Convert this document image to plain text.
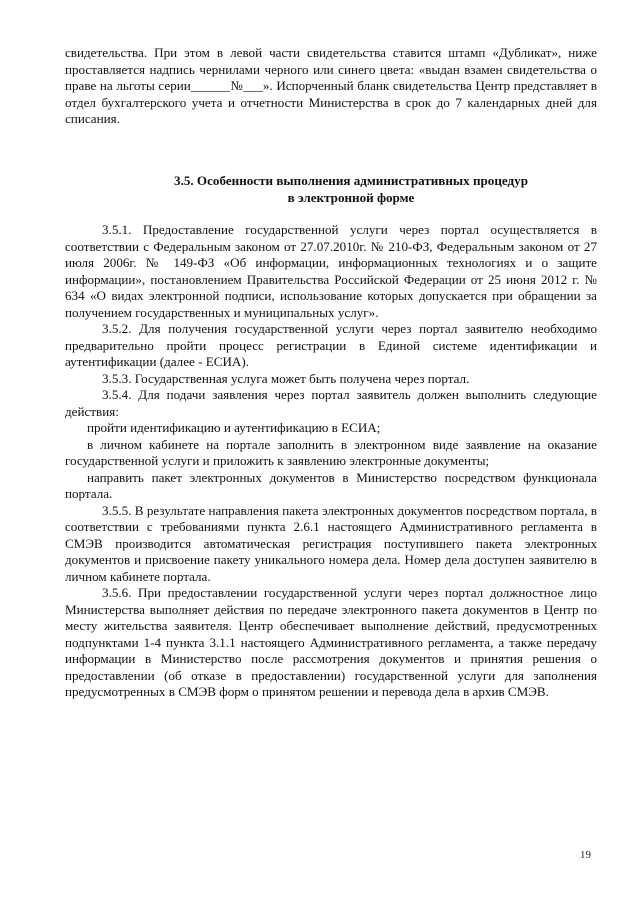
свидетельства. При этом в левой части свидетельства ставится штамп «Дубликат», ниже проставляется надпись чернилами черного или синего цвета: «выдан взамен свидетельства о праве на льготы серии______№___». Испорченный бланк свидетельства Центр представляет в отдел бухгалтерского учета и отчетности Министерства в срок до 7 календарных дней для списания.

3.5. Особенности выполнения административных процедур
в электронной форме

3.5.1. Предоставление государственной услуги через портал осуществляется в соответствии с Федеральным законом от 27.07.2010г. № 210-ФЗ, Федеральным законом от 27 июля 2006г. № 149-ФЗ «Об информации, информационных технологиях и о защите информации», постановлением Правительства Российской Федерации от 25 июня 2012 г. № 634 «О видах электронной подписи, использование которых допускается при обращении за получением государственных и муниципальных услуг».

3.5.2. Для получения государственной услуги через портал заявителю необходимо предварительно пройти процесс регистрации в Единой системе идентификации и аутентификации (далее - ЕСИА).

3.5.3. Государственная услуга может быть получена через портал.

3.5.4. Для подачи заявления через портал заявитель должен выполнить следующие действия:

пройти идентификацию и аутентификацию в ЕСИА;

в личном кабинете на портале заполнить в электронном виде заявление на оказание государственной услуги и приложить к заявлению электронные документы;

направить пакет электронных документов в Министерство посредством функционала портала.

3.5.5. В результате направления пакета электронных документов посредством портала, в соответствии с требованиями пункта 2.6.1 настоящего Административного регламента в СМЭВ производится автоматическая регистрация поступившего пакета электронных документов и присвоение пакету уникального номера дела. Номер дела доступен заявителю в личном кабинете портала.

3.5.6. При предоставлении государственной услуги через портал должностное лицо Министерства выполняет действия по передаче электронного пакета документов в Центр по месту жительства заявителя. Центр обеспечивает выполнение действий, предусмотренных подпунктами 1-4 пункта 3.1.1 настоящего Административного регламента, а также передачу информации в Министерство после рассмотрения документов и принятия решения о предоставлении (об отказе в предоставлении) государственной услуги для заполнения предусмотренных в СМЭВ форм о принятом решении и перевода дела в архив СМЭВ.

19
